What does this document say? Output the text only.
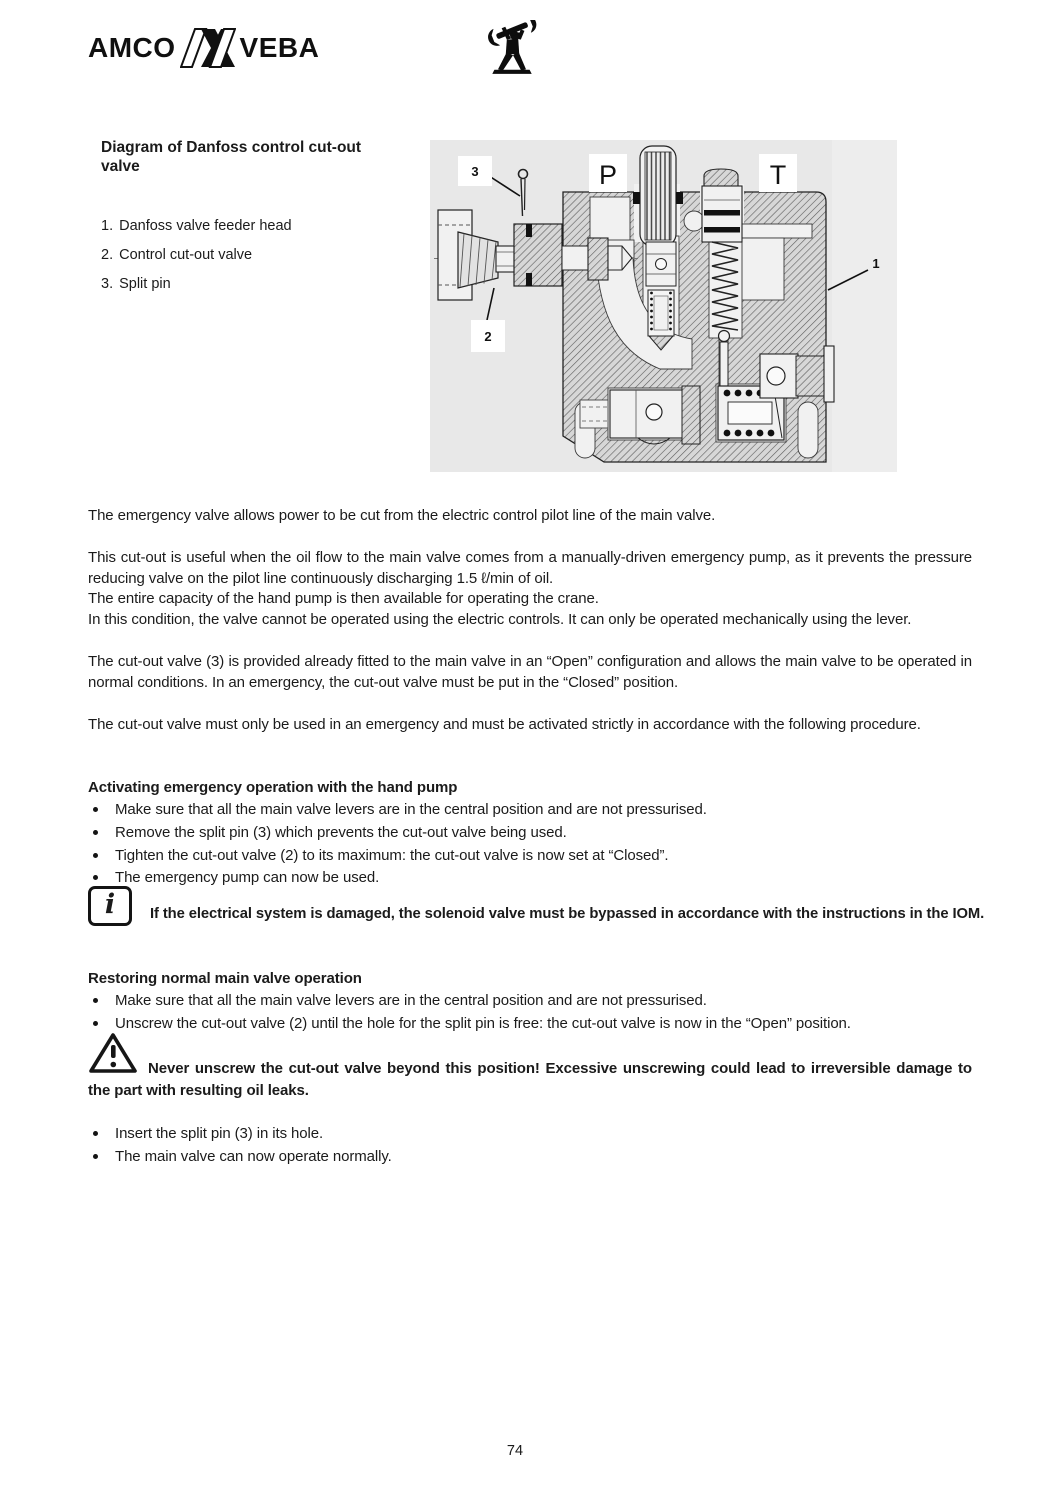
AMCO VEBA
Diagram of Danfoss control cut-out valve
1. Danfoss valve feeder head
2. Control cut-out valve
3. Split pin
3	P	T
1
2

The emergency valve allows power to be cut from the electric control pilot line of the main valve.

This cut-out is useful when the oil flow to the main valve comes from a manually-driven emergency pump, as it prevents the pressure reducing valve on the pilot line continuously discharging 1.5 ℓ/min of oil.
The entire capacity of the hand pump is then available for operating the crane.
In this condition, the valve cannot be operated using the electric controls. It can only be operated mechanically using the lever.

The cut-out valve (3) is provided already fitted to the main valve in an “Open” configuration and allows the main valve to be operated in normal conditions. In an emergency, the cut-out valve must be put in the “Closed” position.

The cut-out valve must only be used in an emergency and must be activated strictly in accordance with the following procedure.

Activating emergency operation with the hand pump
Make sure that all the main valve levers are in the central position and are not pressurised.
Remove the split pin (3) which prevents the cut-out valve being used.
Tighten the cut-out valve (2) to its maximum: the cut-out valve is now set at “Closed”.
The emergency pump can now be used.
i If the electrical system is damaged, the solenoid valve must be bypassed in accordance with the instructions in the IOM.

Restoring normal main valve operation
Make sure that all the main valve levers are in the central position and are not pressurised.
Unscrew the cut-out valve (2) until the hole for the split pin is free: the cut-out valve is now in the “Open” position.

Never unscrew the cut-out valve beyond this position! Excessive unscrewing could lead to irreversible damage to the part with resulting oil leaks.

Insert the split pin (3) in its hole.
The main valve can now operate normally.
74
